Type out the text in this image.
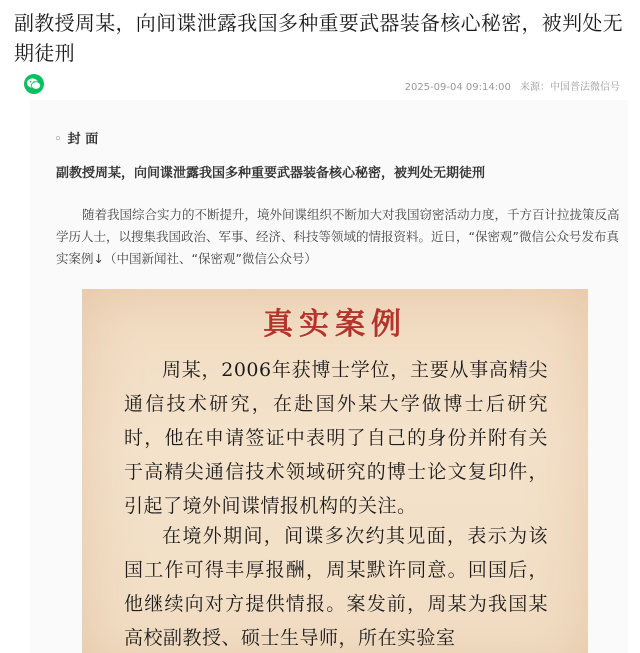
副教授周某，向间谍泄露我国多种重要武器装备核心秘密，被判处无期徒刑
2025-09-04 09:14:00 来源：中国普法微信号
◦ 封 面
副教授周某，向间谍泄露我国多种重要武器装备核心秘密，被判处无期徒刑

随着我国综合实力的不断提升，境外间谍组织不断加大对我国窃密活动力度，千方百计拉拢策反高学历人士，以搜集我国政治、军事、经济、科技等领域的情报资料。近日，“保密观”微信公众号发布真实案例↓（中国新闻社、“保密观”微信公众号）

真实案例

周某，2006年获博士学位，主要从事高精尖通信技术研究，在赴国外某大学做博士后研究时，他在申请签证中表明了自己的身份并附有关于高精尖通信技术领域研究的博士论文复印件，引起了境外间谍情报机构的关注。

在境外期间，间谍多次约其见面，表示为该国工作可得丰厚报酬，周某默许同意。回国后，他继续向对方提供情报。案发前，周某为我国某高校副教授、硕士生导师，所在实验室
